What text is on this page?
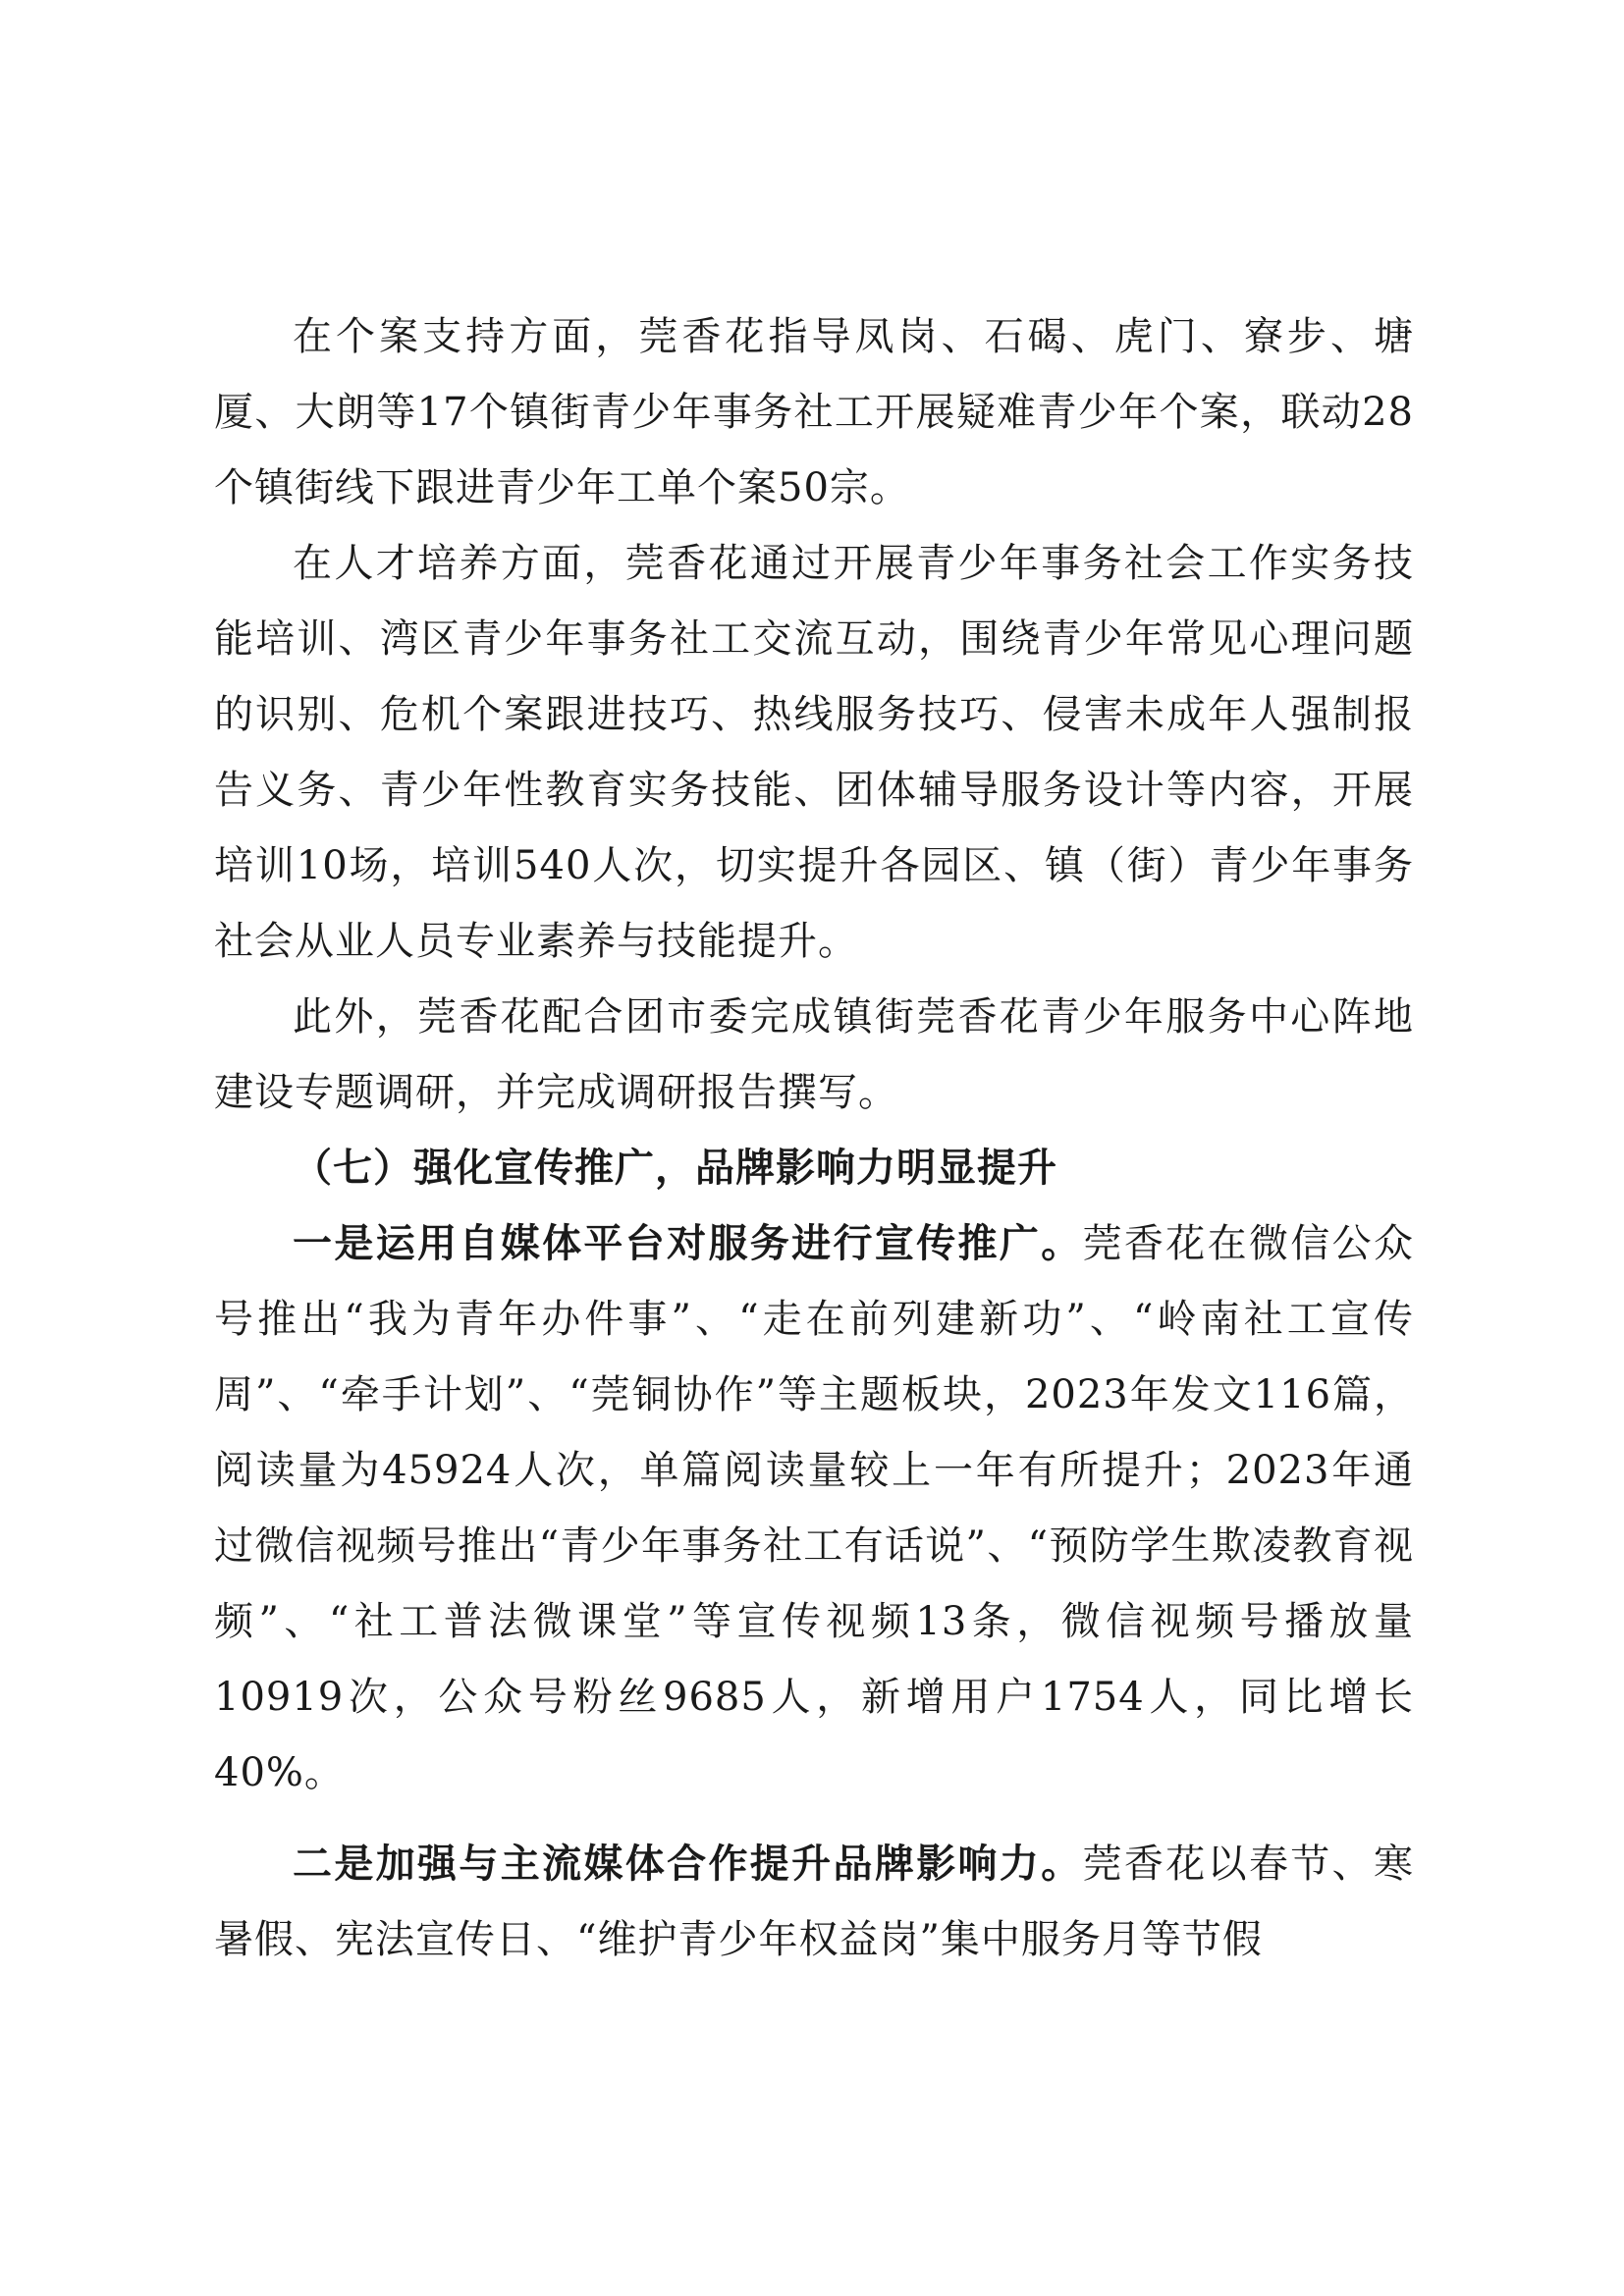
在个案支持方面，莞香花指导凤岗、石碣、虎门、寮步、塘厦、大朗等17个镇街青少年事务社工开展疑难青少年个案，联动28个镇街线下跟进青少年工单个案50宗。

在人才培养方面，莞香花通过开展青少年事务社会工作实务技能培训、湾区青少年事务社工交流互动，围绕青少年常见心理问题的识别、危机个案跟进技巧、热线服务技巧、侵害未成年人强制报告义务、青少年性教育实务技能、团体辅导服务设计等内容，开展培训10场，培训540人次，切实提升各园区、镇（街）青少年事务社会从业人员专业素养与技能提升。

此外，莞香花配合团市委完成镇街莞香花青少年服务中心阵地建设专题调研，并完成调研报告撰写。

（七）强化宣传推广，品牌影响力明显提升

一是运用自媒体平台对服务进行宣传推广。莞香花在微信公众号推出“我为青年办件事”、“走在前列建新功”、“岭南社工宣传周”、“牵手计划”、“莞铜协作”等主题板块，2023年发文116篇，阅读量为45924人次，单篇阅读量较上一年有所提升；2023年通过微信视频号推出“青少年事务社工有话说”、“预防学生欺凌教育视频”、“社工普法微课堂”等宣传视频13条，微信视频号播放量10919次，公众号粉丝9685人，新增用户1754人，同比增长40%。

二是加强与主流媒体合作提升品牌影响力。莞香花以春节、寒暑假、宪法宣传日、“维护青少年权益岗”集中服务月等节假
